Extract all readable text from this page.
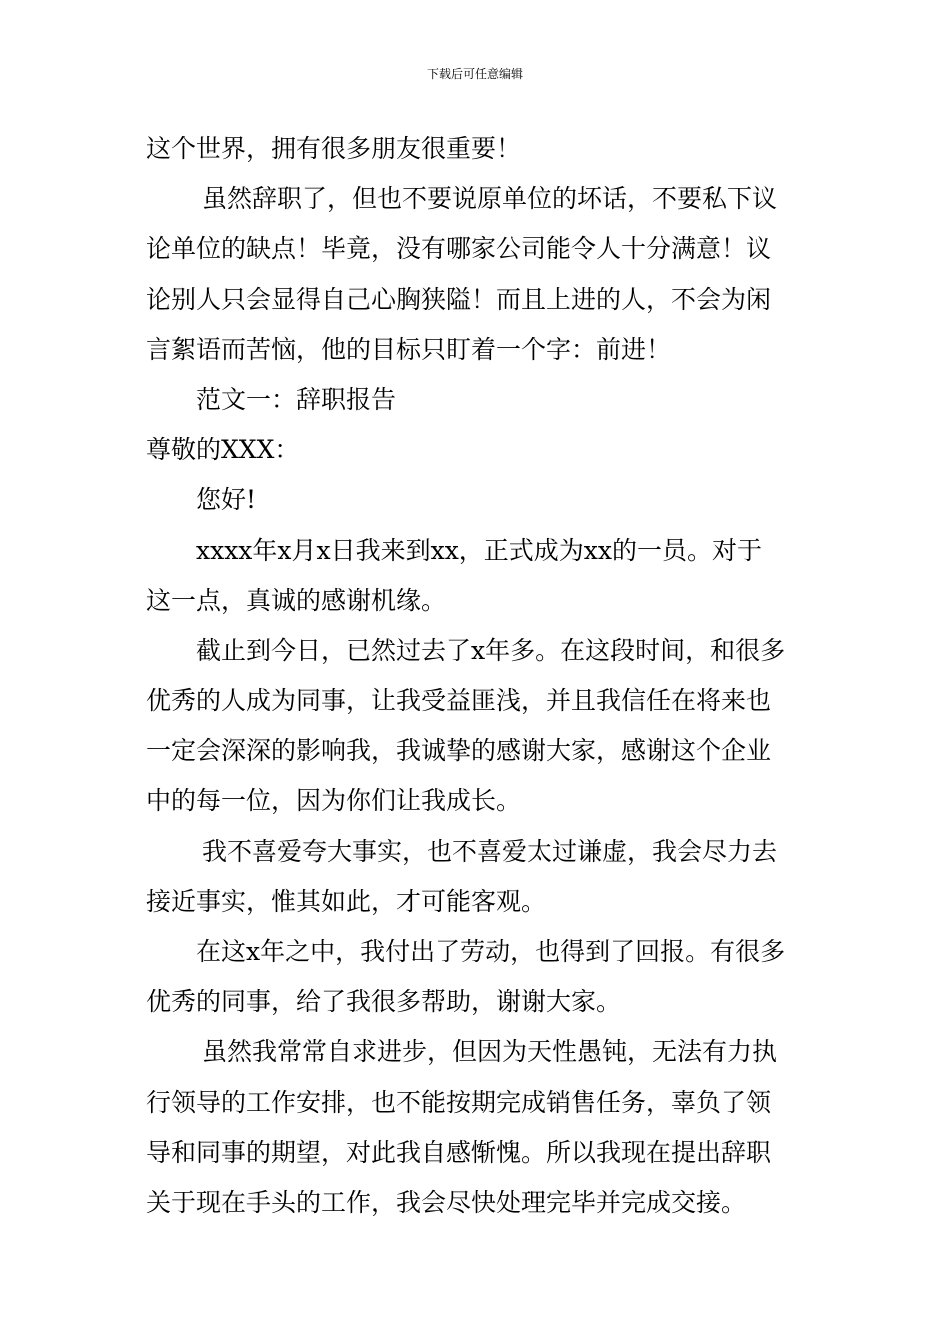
下载后可任意编辑
这个世界，拥有很多朋友很重要！
虽然辞职了，但也不要说原单位的坏话，不要私下议
论单位的缺点！毕竟，没有哪家公司能令人十分满意！议
论别人只会显得自己心胸狭隘！而且上进的人，不会为闲
言絮语而苦恼，他的目标只盯着一个字：前进！
范文一：辞职报告
尊敬的XXX：
您好!
xxxx年x月x日我来到xx，正式成为xx的一员。对于
这一点，真诚的感谢机缘。
截止到今日，已然过去了x年多。在这段时间，和很多
优秀的人成为同事，让我受益匪浅，并且我信任在将来也
一定会深深的影响我，我诚挚的感谢大家，感谢这个企业
中的每一位，因为你们让我成长。
我不喜爱夸大事实，也不喜爱太过谦虚，我会尽力去
接近事实，惟其如此，才可能客观。
在这x年之中，我付出了劳动，也得到了回报。有很多
优秀的同事，给了我很多帮助，谢谢大家。
虽然我常常自求进步，但因为天性愚钝，无法有力执
行领导的工作安排，也不能按期完成销售任务，辜负了领
导和同事的期望，对此我自感惭愧。所以我现在提出辞职
关于现在手头的工作，我会尽快处理完毕并完成交接。
